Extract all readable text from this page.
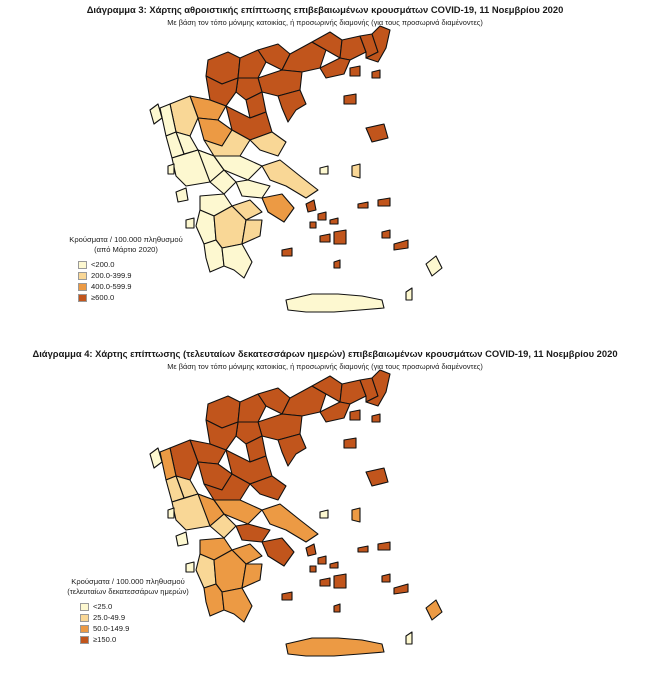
Διάγραμμα 3: Χάρτης αθροιστικής επίπτωσης επιβεβαιωμένων κρουσμάτων COVID-19, 11 Νοεμβρίου 2020
Με βάση τον τόπο μόνιμης κατοικίας, ή προσωρινής διαμονής (για τους προσωρινά διαμένοντες)
Κρούσματα / 100.000 πληθυσμού
(από Μάρτιο 2020)
<200.0
200.0-399.9
400.0-599.9
≥600.0
Διάγραμμα 4: Χάρτης επίπτωσης (τελευταίων δεκατεσσάρων ημερών) επιβεβαιωμένων κρουσμάτων COVID-19, 11 Νοεμβρίου 2020
Με βάση τον τόπο μόνιμης κατοικίας, ή προσωρινής διαμονής (για τους προσωρινά διαμένοντες)
Κρούσματα / 100.000 πληθυσμού
(τελευταίων δεκατεσσάρων ημερών)
<25.0
25.0-49.9
50.0-149.9
≥150.0
